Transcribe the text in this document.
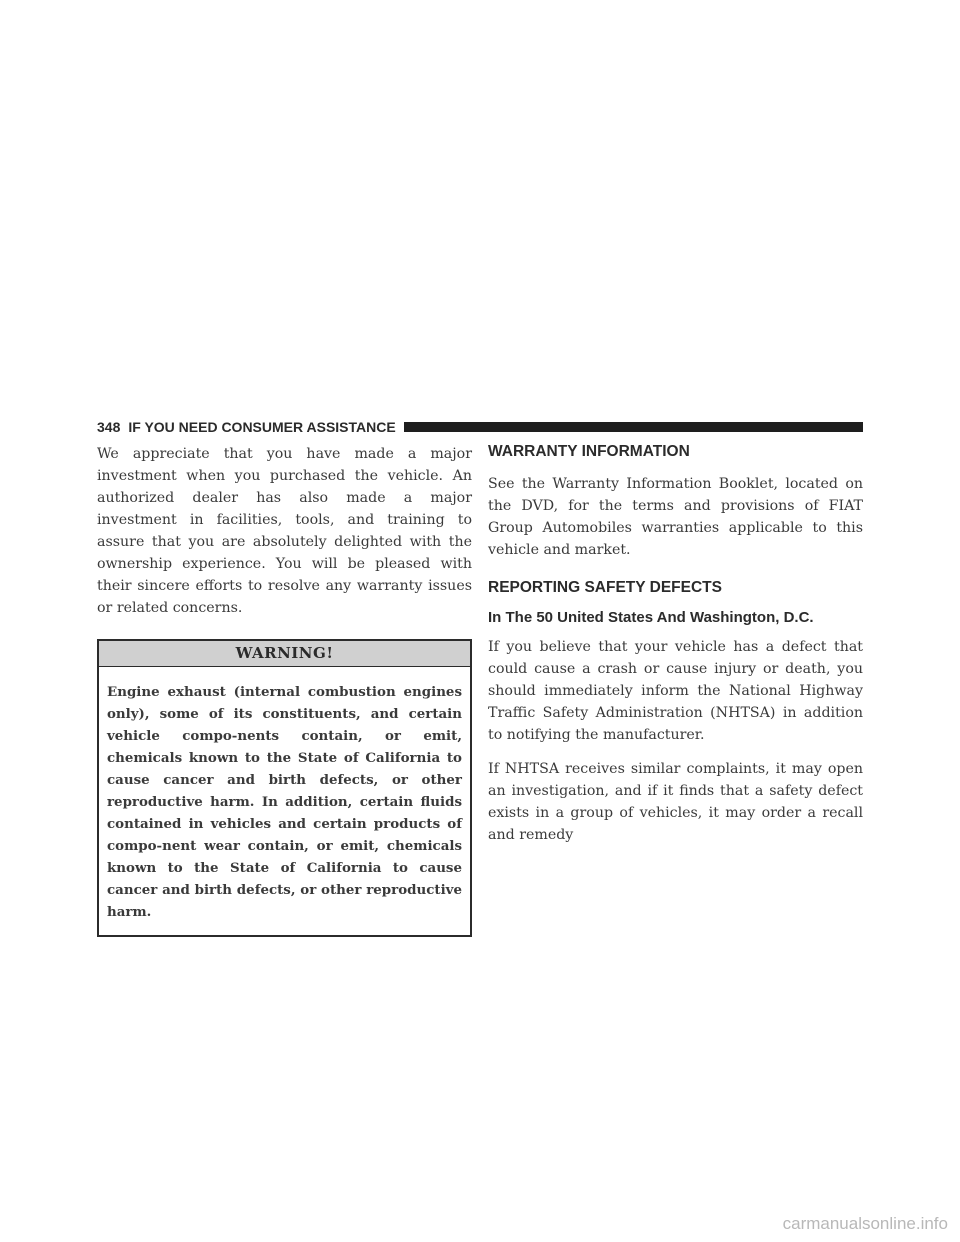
348 IF YOU NEED CONSUMER ASSISTANCE

We appreciate that you have made a major investment when you purchased the vehicle. An authorized dealer has also made a major investment in facilities, tools, and training to assure that you are absolutely delighted with the ownership experience. You will be pleased with their sincere efforts to resolve any warranty issues or related concerns.

WARNING!
Engine exhaust (internal combustion engines only), some of its constituents, and certain vehicle compo-nents contain, or emit, chemicals known to the State of California to cause cancer and birth defects, or other reproductive harm. In addition, certain fluids contained in vehicles and certain products of compo-nent wear contain, or emit, chemicals known to the State of California to cause cancer and birth defects, or other reproductive harm.
WARRANTY INFORMATION

See the Warranty Information Booklet, located on the DVD, for the terms and provisions of FIAT Group Automobiles warranties applicable to this vehicle and market.

REPORTING SAFETY DEFECTS
In The 50 United States And Washington, D.C.

If you believe that your vehicle has a defect that could cause a crash or cause injury or death, you should immediately inform the National Highway Traffic Safety Administration (NHTSA) in addition to notifying the manufacturer.

If NHTSA receives similar complaints, it may open an investigation, and if it finds that a safety defect exists in a group of vehicles, it may order a recall and remedy

carmanualsonline.info
